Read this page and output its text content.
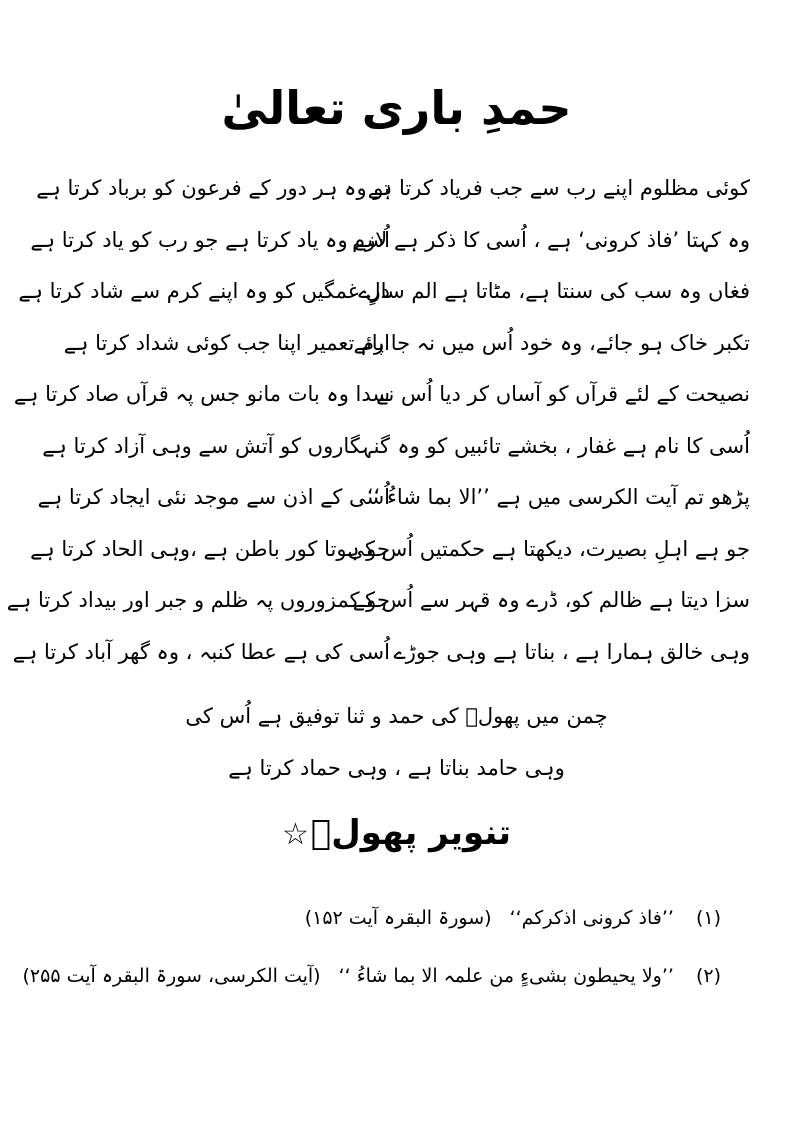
حمدِ باری تعالیٰ
کوئی مظلوم اپنے رب سے جب فریاد کرتا ہے
تو وہ ہر دور کے فرعون کو برباد کرتا ہے
وہ کہتا ’فاذ کرونی‘ ہے ، اُسی کا ذکر ہے لازم
اُسے وہ یاد کرتا ہے جو رب کو یاد کرتا ہے
فغاں وہ سب کی سنتا ہے، مٹاتا ہے الم سارے
دلِ غمگیں کو وہ اپنے کرم سے شاد کرتا ہے
تکبر خاک ہو جائے، وہ خود اُس میں نہ جا پائے
ارم تعمیر اپنا جب کوئی شداد کرتا ہے
نصیحت کے لئے قرآں کو آساں کر دیا اُس نے
سدا وہ بات مانو جس پہ قرآں صاد کرتا ہے
اُسی کا نام ہے غفار ، بخشے تائبیں کو وہ
گنہگاروں کو آتش سے وہی آزاد کرتا ہے
پڑھو تم آیت الکرسی میں ہے ’’الا بما شاءُ ‘‘
اُسی کے اذن سے موجد نئی ایجاد کرتا ہے
جو ہے اہلِ بصیرت، دیکھتا ہے حکمتیں اُس کی
جو ہوتا کور باطن ہے ،وہی الحاد کرتا ہے
سزا دیتا ہے ظالم کو، ڈرے وہ قہر سے اُس کے
جو کمزوروں پہ ظلم و جبر اور بیداد کرتا ہے
وہی خالق ہمارا ہے ، بناتا ہے وہی جوڑے
اُسی کی ہے عطا کنبہ ، وہ گھر آباد کرتا ہے
چمن میں پھولؔ کی حمد و ثنا توفیق ہے اُس کی
وہی حامد بناتا ہے ، وہی حماد کرتا ہے
تنویر پھولؔ☆
(۱)’’فاذ کرونی اذکرکم‘‘(سورۃ البقرہ آیت ۱۵۲)
(۲)’’ولا یحیطون بشیءٍ من علمہ الا بما شاءُ ‘‘(آیت الکرسی، سورۃ البقرہ آیت ۲۵۵)
